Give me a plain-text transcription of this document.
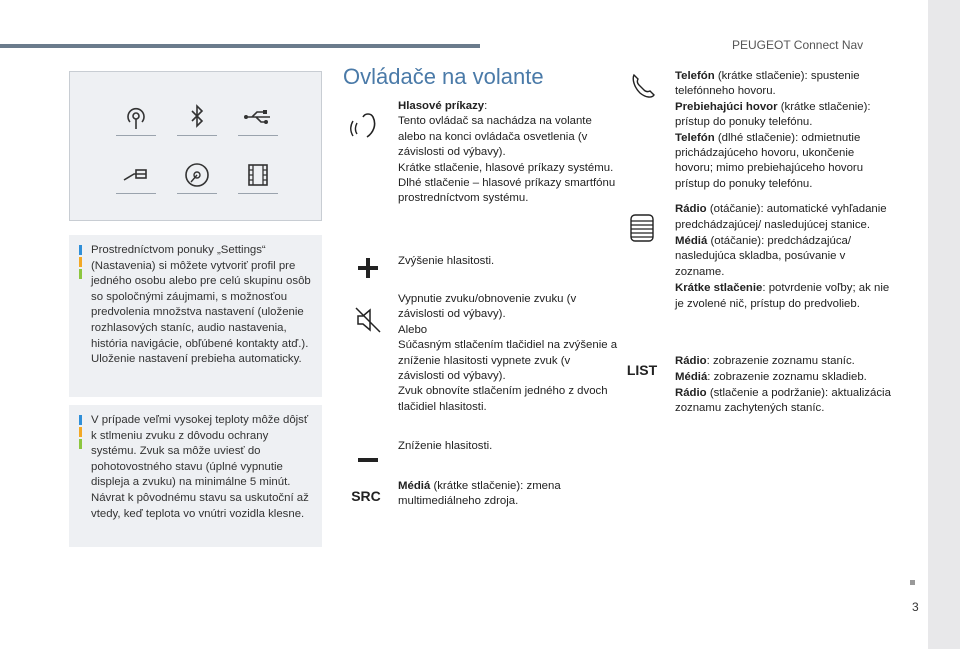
PEUGEOT Connect Nav
3
Prostredníctvom ponuky „Settings“ (Nastavenia) si môžete vytvoriť profil pre jedného osobu alebo pre celú skupinu osôb so spoločnými záujmami, s možnosťou predvolenia množstva nastavení (uloženie rozhlasových staníc, audio nastavenia, história navigácie, obľúbené kontakty atď.). Uloženie nastavení prebieha automaticky.
V prípade veľmi vysokej teploty môže dôjsť k stlmeniu zvuku z dôvodu ochrany systému. Zvuk sa môže uviesť do pohotovostného stavu (úplné vypnutie displeja a zvuku) na minimálne 5 minút. Návrat k pôvodnému stavu sa uskutoční až vtedy, keď teplota vo vnútri vozidla klesne.
Ovládače na volante
Hlasové príkazy:
Tento ovládač sa nachádza na volante alebo na konci ovládača osvetlenia (v závislosti od výbavy).
Krátke stlačenie, hlasové príkazy systému.
Dlhé stlačenie – hlasové príkazy smartfónu prostredníctvom systému.
Zvýšenie hlasitosti.
Vypnutie zvuku/obnovenie zvuku (v závislosti od výbavy).
Alebo
Súčasným stlačením tlačidiel na zvýšenie a zníženie hlasitosti vypnete zvuk (v závislosti od výbavy).
Zvuk obnovíte stlačením jedného z dvoch tlačidiel hlasitosti.
Zníženie hlasitosti.
SRC
Médiá (krátke stlačenie): zmena multimediálneho zdroja.
Telefón (krátke stlačenie): spustenie telefónneho hovoru.
Prebiehajúci hovor (krátke stlačenie): prístup do ponuky telefónu.
Telefón (dlhé stlačenie): odmietnutie prichádzajúceho hovoru, ukončenie hovoru; mimo prebiehajúceho hovoru prístup do ponuky telefónu.
Rádio (otáčanie): automatické vyhľadanie predchádzajúcej/ nasledujúcej stanice.
Médiá (otáčanie): predchádzajúca/ nasledujúca skladba, posúvanie v zozname.
Krátke stlačenie: potvrdenie voľby; ak nie je zvolené nič, prístup do predvolieb.
LIST
Rádio: zobrazenie zoznamu staníc.
Médiá: zobrazenie zoznamu skladieb.
Rádio (stlačenie a podržanie): aktualizácia zoznamu zachytených staníc.
